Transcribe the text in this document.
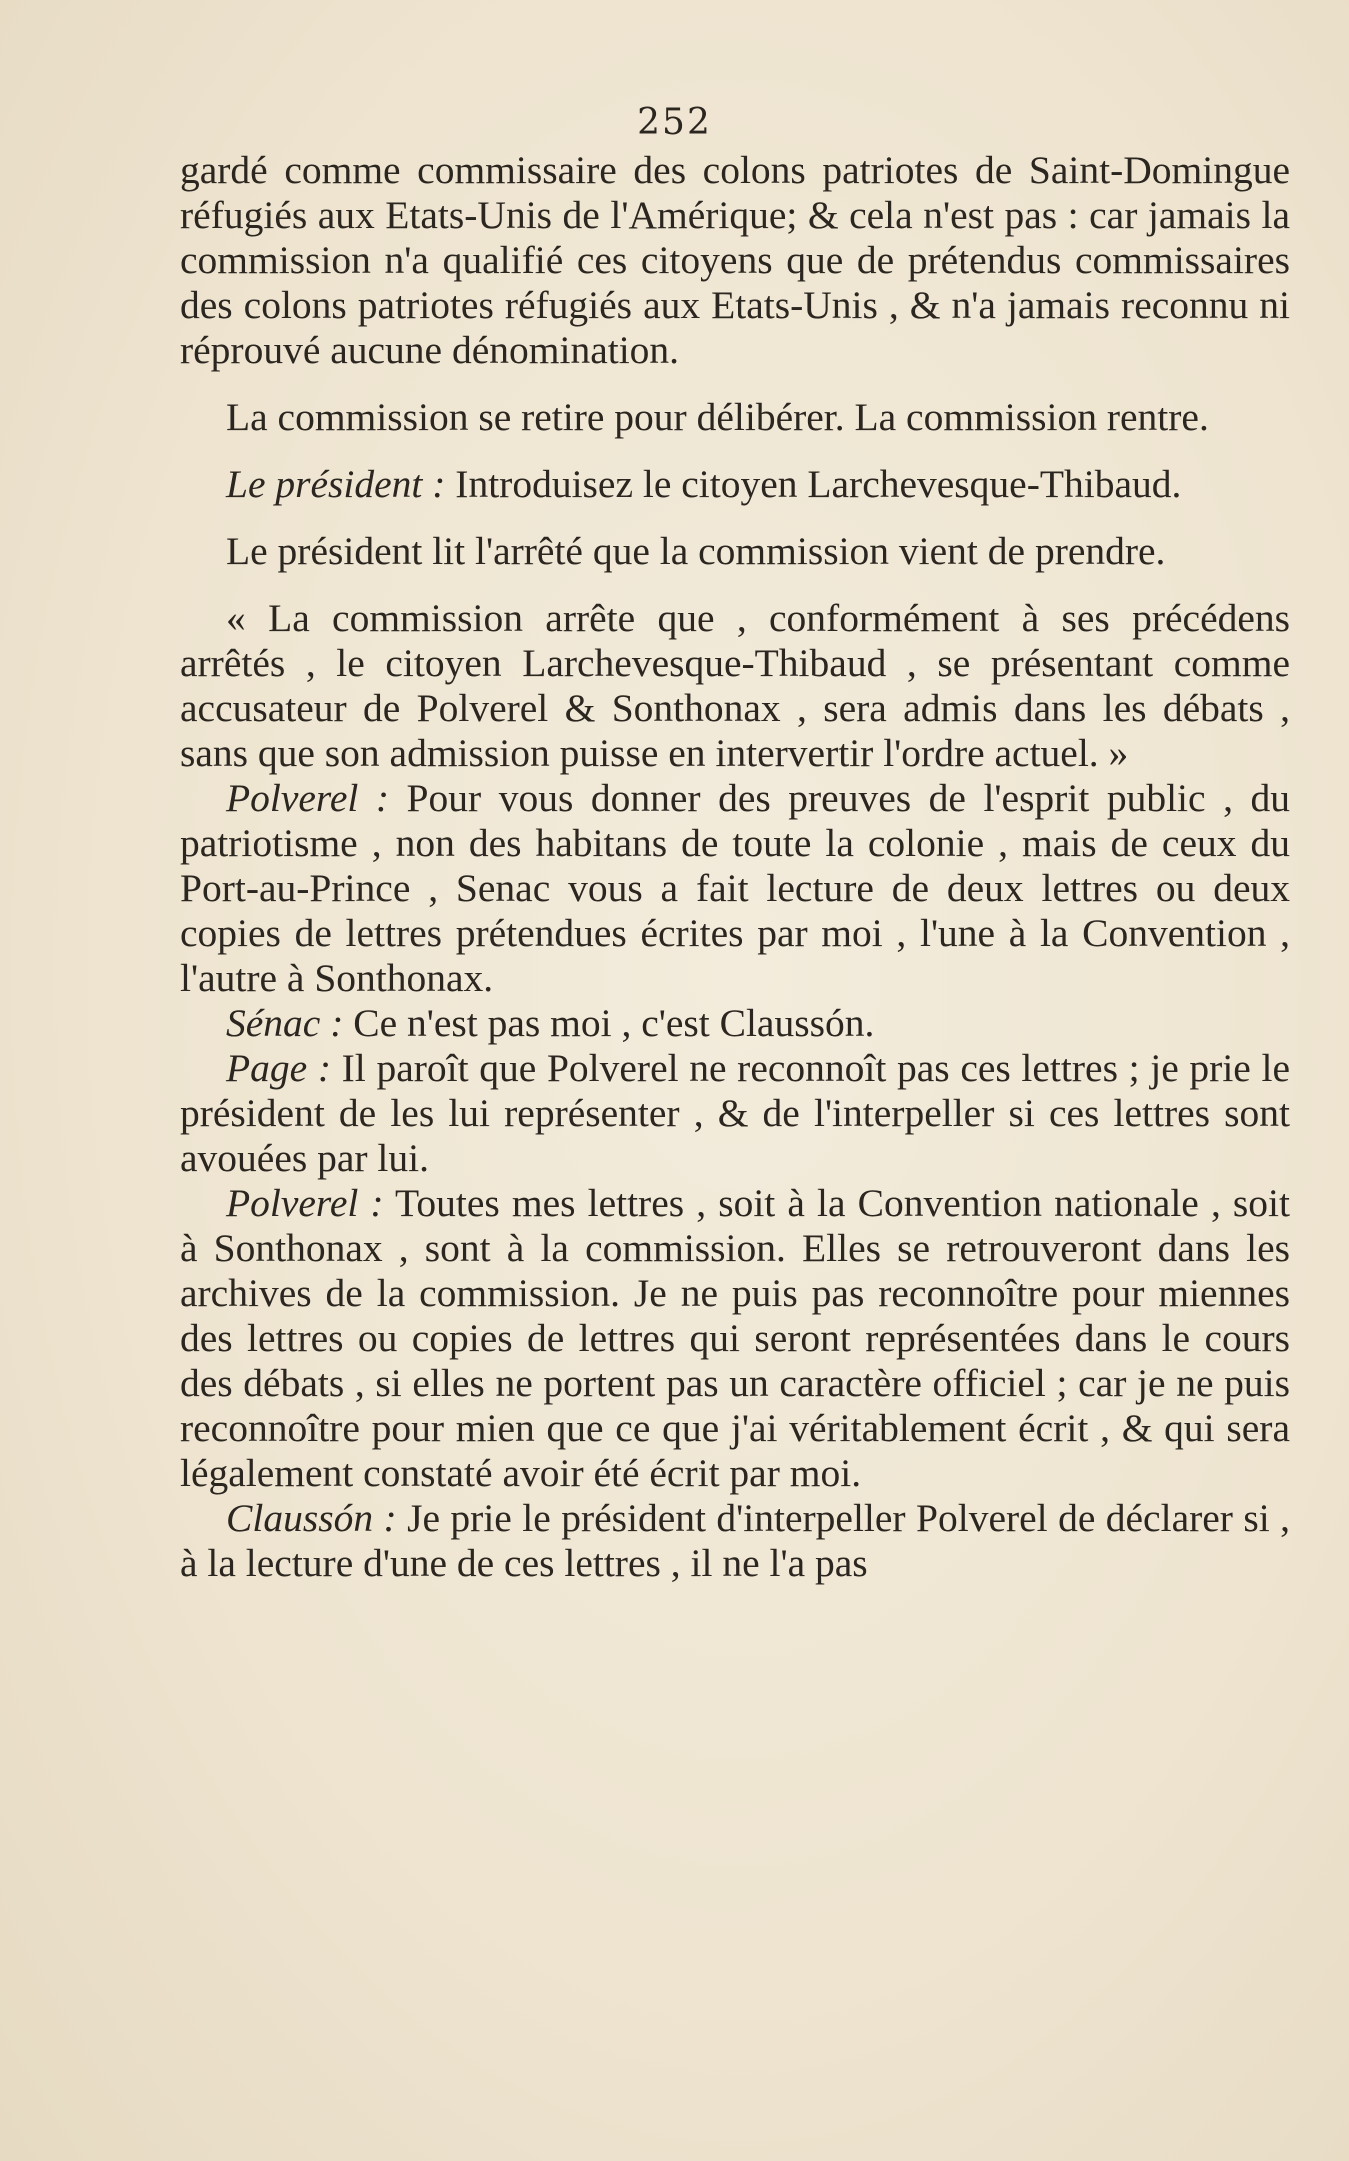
252

gardé comme commissaire des colons patriotes de Saint-Domingue réfugiés aux Etats-Unis de l'Amérique; & cela n'est pas : car jamais la commission n'a qualifié ces citoyens que de prétendus commissaires des colons patriotes réfugiés aux Etats-Unis , & n'a jamais reconnu ni réprouvé aucune dénomination.

La commission se retire pour délibérer. La commission rentre.

Le président : Introduisez le citoyen Larchevesque-Thibaud.

Le président lit l'arrêté que la commission vient de prendre.

« La commission arrête que , conformément à ses précédens arrêtés , le citoyen Larchevesque-Thibaud , se présentant comme accusateur de Polverel & Sonthonax , sera admis dans les débats , sans que son admission puisse en intervertir l'ordre actuel. »

Polverel : Pour vous donner des preuves de l'esprit public , du patriotisme , non des habitans de toute la colonie , mais de ceux du Port-au-Prince , Senac vous a fait lecture de deux lettres ou deux copies de lettres prétendues écrites par moi , l'une à la Convention , l'autre à Sonthonax.

Sénac : Ce n'est pas moi , c'est Claussón.

Page : Il paroît que Polverel ne reconnoît pas ces lettres ; je prie le président de les lui représenter , & de l'interpeller si ces lettres sont avouées par lui.

Polverel : Toutes mes lettres , soit à la Convention nationale , soit à Sonthonax , sont à la commission. Elles se retrouveront dans les archives de la commission. Je ne puis pas reconnoître pour miennes des lettres ou copies de lettres qui seront représentées dans le cours des débats , si elles ne portent pas un caractère officiel ; car je ne puis reconnoître pour mien que ce que j'ai véritablement écrit , & qui sera légalement constaté avoir été écrit par moi.

Claussón : Je prie le président d'interpeller Polverel de déclarer si , à la lecture d'une de ces lettres , il ne l'a pas
